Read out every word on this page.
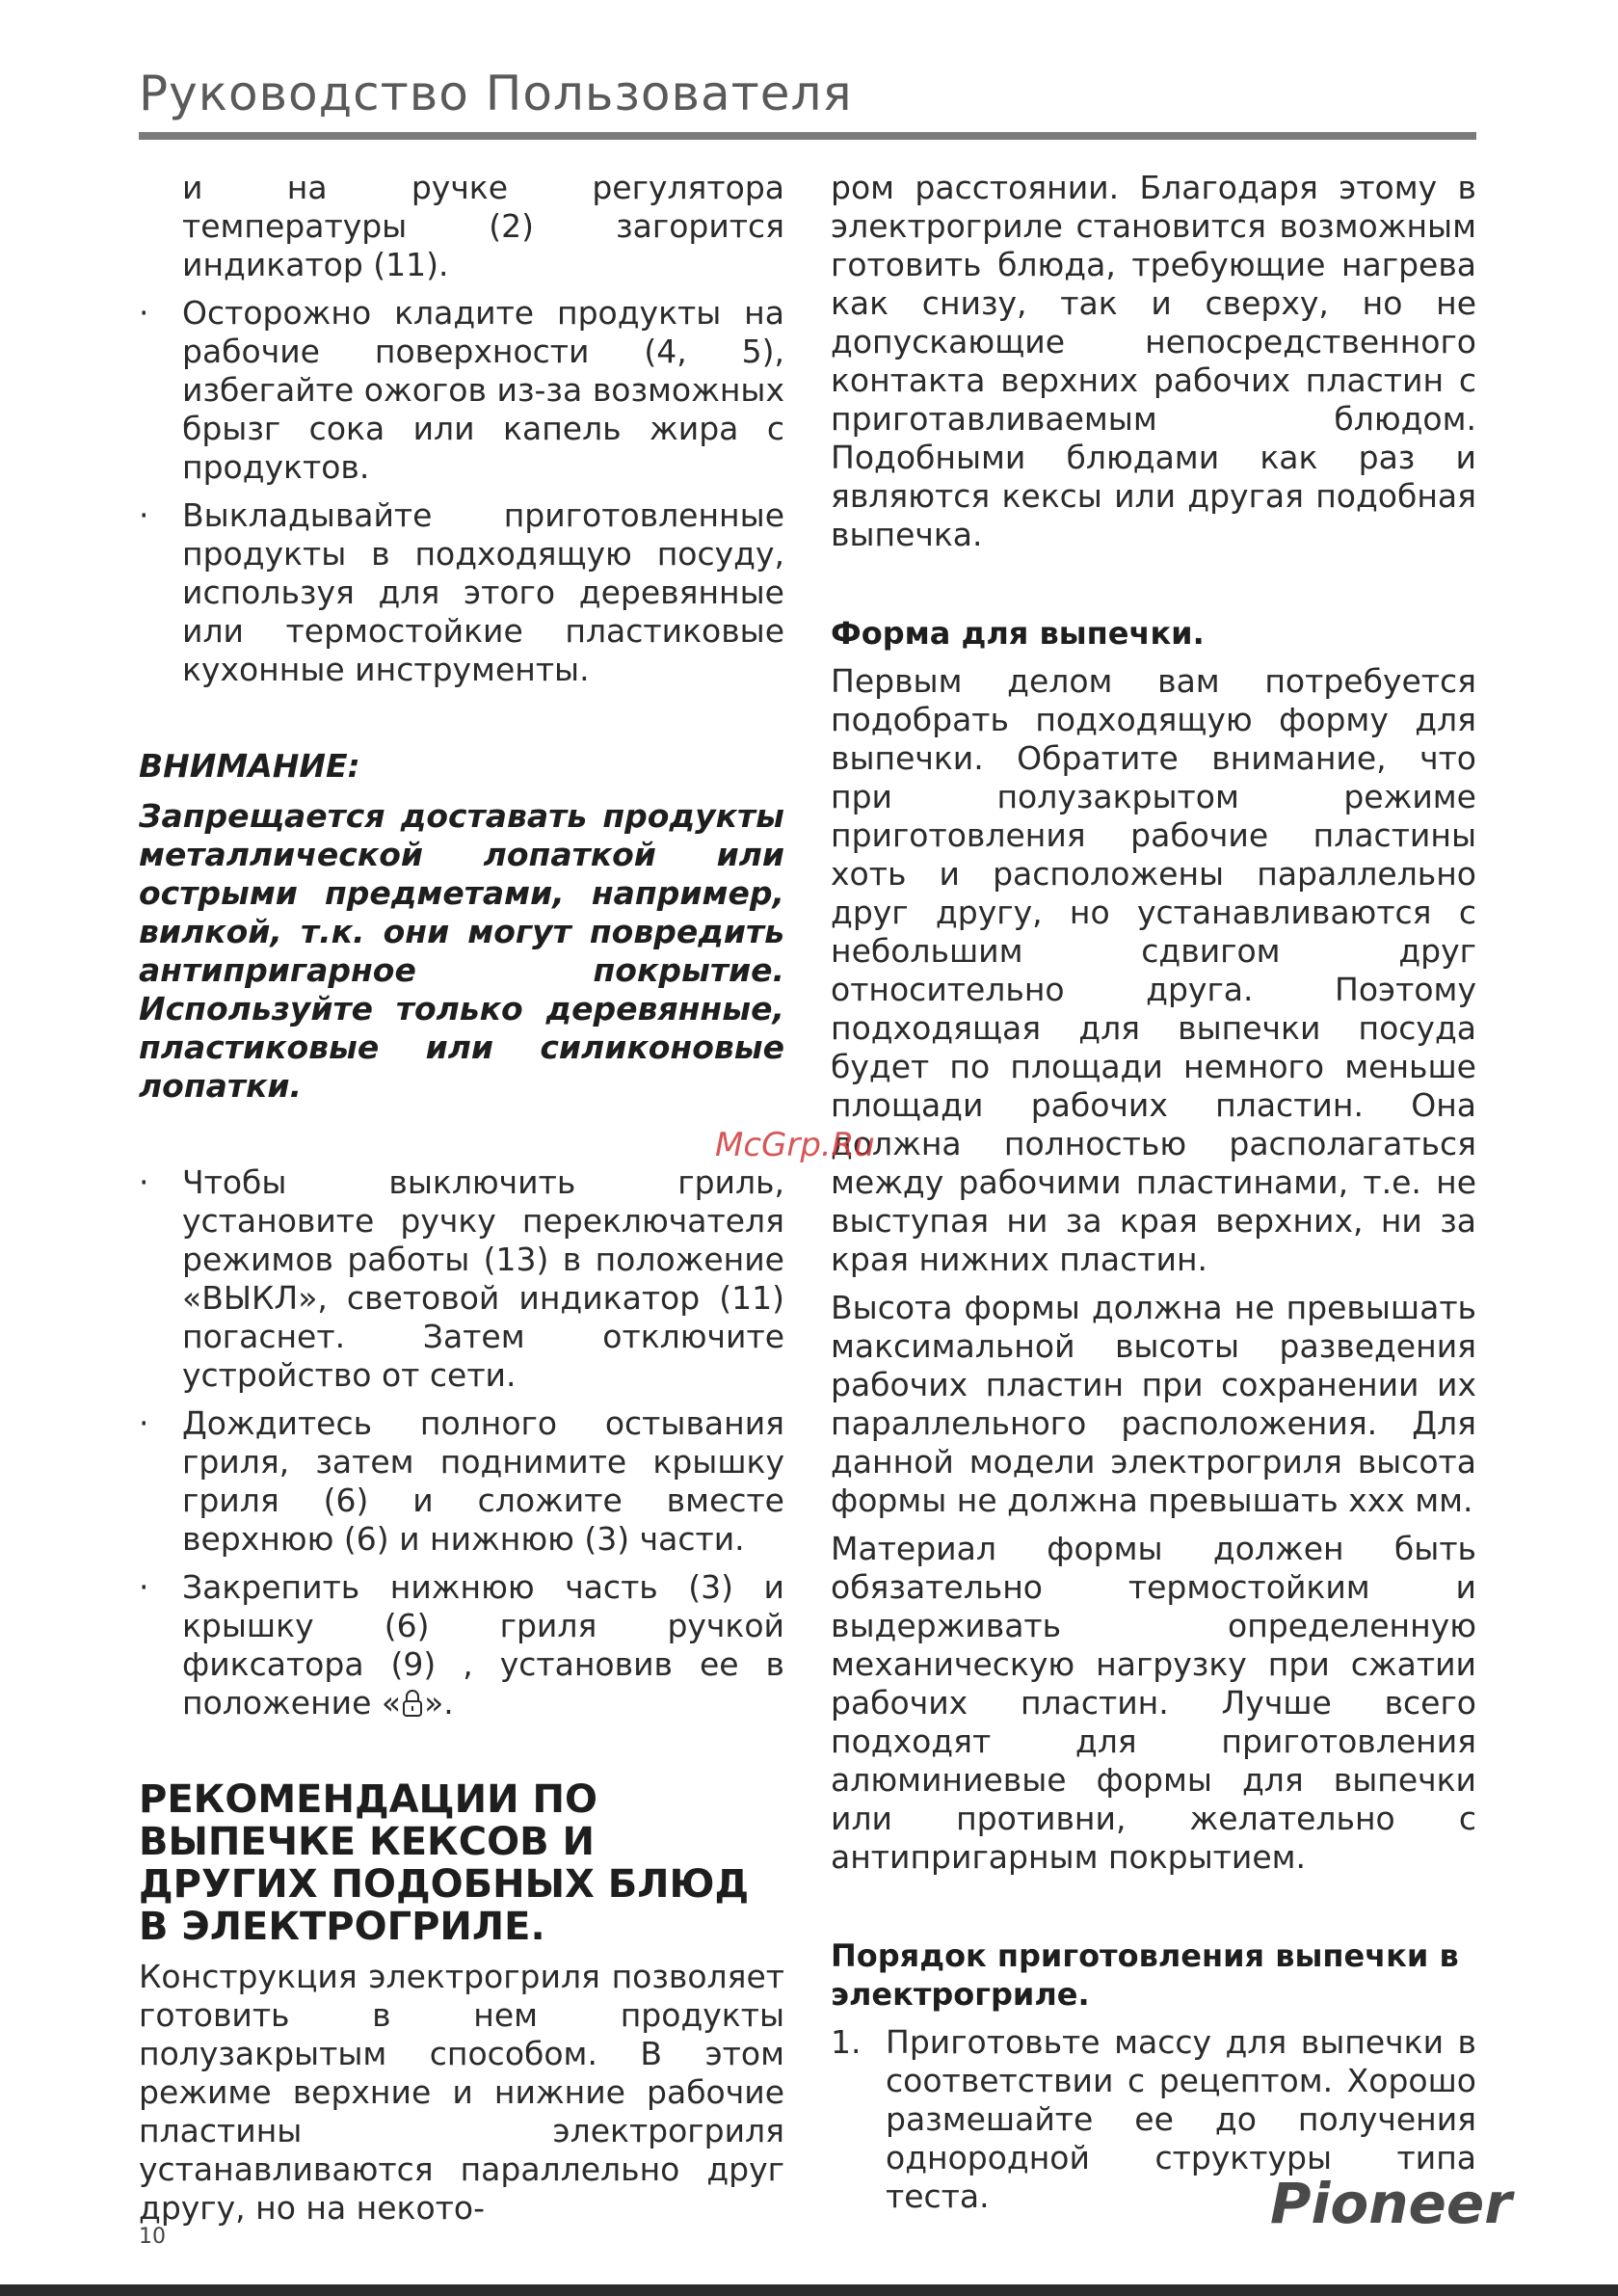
Руководство Пользователя

и на ручке регулятора температуры (2) загорится индикатор (11).

· Осторожно кладите продукты на рабочие поверхности (4, 5), избегайте ожогов из-за возможных брызг сока или капель жира с продуктов.
· Выкладывайте приготовленные продукты в подходящую посуду, используя для этого деревянные или термостойкие пластиковые кухонные инструменты.
ВНИМАНИЕ:
Запрещается доставать продукты металлической лопаткой или острыми предметами, например, вилкой, т.к. они могут повредить антипригарное покрытие. Используйте только деревянные, пластиковые или силиконовые лопатки.
· Чтобы выключить гриль, установите ручку переключателя режимов работы (13) в положение «ВЫКЛ», световой индикатор (11) погаснет. Затем отключите устройство от сети.
· Дождитесь полного остывания гриля, затем поднимите крышку гриля (6) и сложите вместе верхнюю (6) и нижнюю (3) части.
· Закрепить нижнюю часть (3) и крышку (6) гриля ручкой фиксатора (9) , установив ее в положение « ».
РЕКОМЕНДАЦИИ ПО ВЫПЕЧКЕ КЕКСОВ И ДРУГИХ ПОДОБНЫХ БЛЮД В ЭЛЕКТРОГРИЛЕ.

Конструкция электрогриля позволяет готовить в нем продукты полузакрытым способом. В этом режиме верхние и нижние рабочие пластины электрогриля устанавливаются параллельно друг другу, но на некото-

ром расстоянии. Благодаря этому в электрогриле становится возможным готовить блюда, требующие нагрева как снизу, так и сверху, но не допускающие непосредственного контакта верхних рабочих пластин с приготавливаемым блюдом. Подобными блюдами как раз и являются кексы или другая подобная выпечка.

Форма для выпечки.

Первым делом вам потребуется подобрать подходящую форму для выпечки. Обратите внимание, что при полузакрытом режиме приготовления рабочие пластины хоть и расположены параллельно друг другу, но устанавливаются с небольшим сдвигом друг относительно друга. Поэтому подходящая для выпечки посуда будет по площади немного меньше площади рабочих пластин. Она должна полностью располагаться между рабочими пластинами, т.е. не выступая ни за края верхних, ни за края нижних пластин.

Высота формы должна не превышать максимальной высоты разведения рабочих пластин при сохранении их параллельного расположения. Для данной модели электрогриля высота формы не должна превышать ххх мм.

Материал формы должен быть обязательно термостойким и выдерживать определенную механическую нагрузку при сжатии рабочих пластин. Лучше всего подходят для приготовления алюминиевые формы для выпечки или противни, желательно с антипригарным покрытием.

Порядок приготовления выпечки в электрогриле.
1. Приготовьте массу для выпечки в соответствии с рецептом. Хорошо размешайте ее до получения однородной структуры типа теста.
McGrp.Ru
10
Pioneer
